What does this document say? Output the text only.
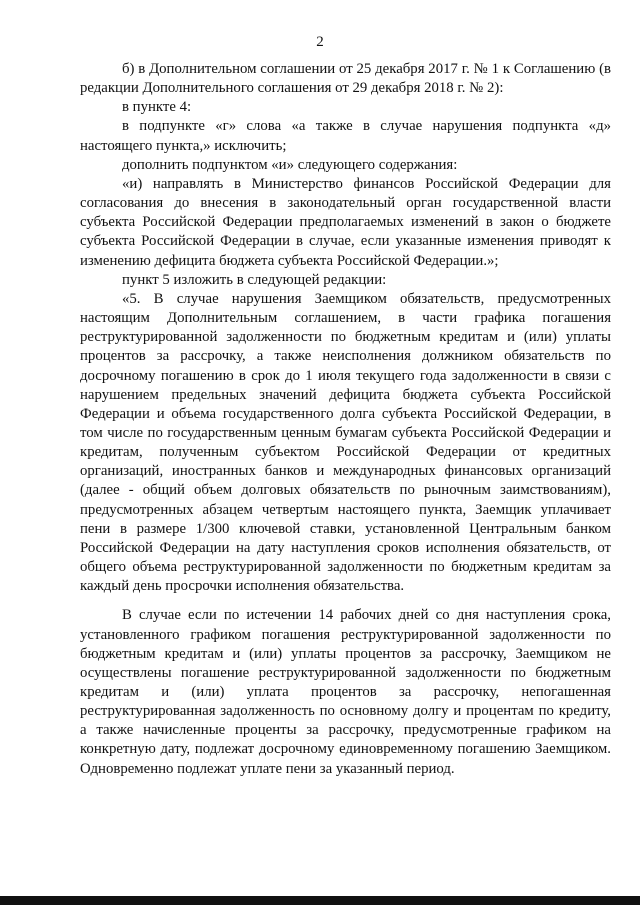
2

б) в Дополнительном соглашении от 25 декабря 2017 г. № 1 к Соглашению (в редакции Дополнительного соглашения от 29 декабря 2018 г. № 2):

в пункте 4:

в подпункте «г» слова «а также в случае нарушения подпункта «д» настоящего пункта,» исключить;

дополнить подпунктом «и» следующего содержания:

«и) направлять в Министерство финансов Российской Федерации для согласования до внесения в законодательный орган государственной власти субъекта Российской Федерации предполагаемых изменений в закон о бюджете субъекта Российской Федерации в случае, если указанные изменения приводят к изменению дефицита бюджета субъекта Российской Федерации.»;

пункт 5 изложить в следующей редакции:

«5. В случае нарушения Заемщиком обязательств, предусмотренных настоящим Дополнительным соглашением, в части графика погашения реструктурированной задолженности по бюджетным кредитам и (или) уплаты процентов за рассрочку, а также неисполнения должником обязательств по досрочному погашению в срок до 1 июля текущего года задолженности в связи с нарушением предельных значений дефицита бюджета субъекта Российской Федерации и объема государственного долга субъекта Российской Федерации, в том числе по государственным ценным бумагам субъекта Российской Федерации и кредитам, полученным субъектом Российской Федерации от кредитных организаций, иностранных банков и международных финансовых организаций (далее - общий объем долговых обязательств по рыночным заимствованиям), предусмотренных абзацем четвертым настоящего пункта, Заемщик уплачивает пени в размере 1/300 ключевой ставки, установленной Центральным банком Российской Федерации на дату наступления сроков исполнения обязательств, от общего объема реструктурированной задолженности по бюджетным кредитам за каждый день просрочки исполнения обязательства.

В случае если по истечении 14 рабочих дней со дня наступления срока, установленного графиком погашения реструктурированной задолженности по бюджетным кредитам и (или) уплаты процентов за рассрочку, Заемщиком не осуществлены погашение реструктурированной задолженности по бюджетным кредитам и (или) уплата процентов за рассрочку, непогашенная реструктурированная задолженность по основному долгу и процентам по кредиту, а также начисленные проценты за рассрочку, предусмотренные графиком на конкретную дату, подлежат досрочному единовременному погашению Заемщиком. Одновременно подлежат уплате пени за указанный период.
